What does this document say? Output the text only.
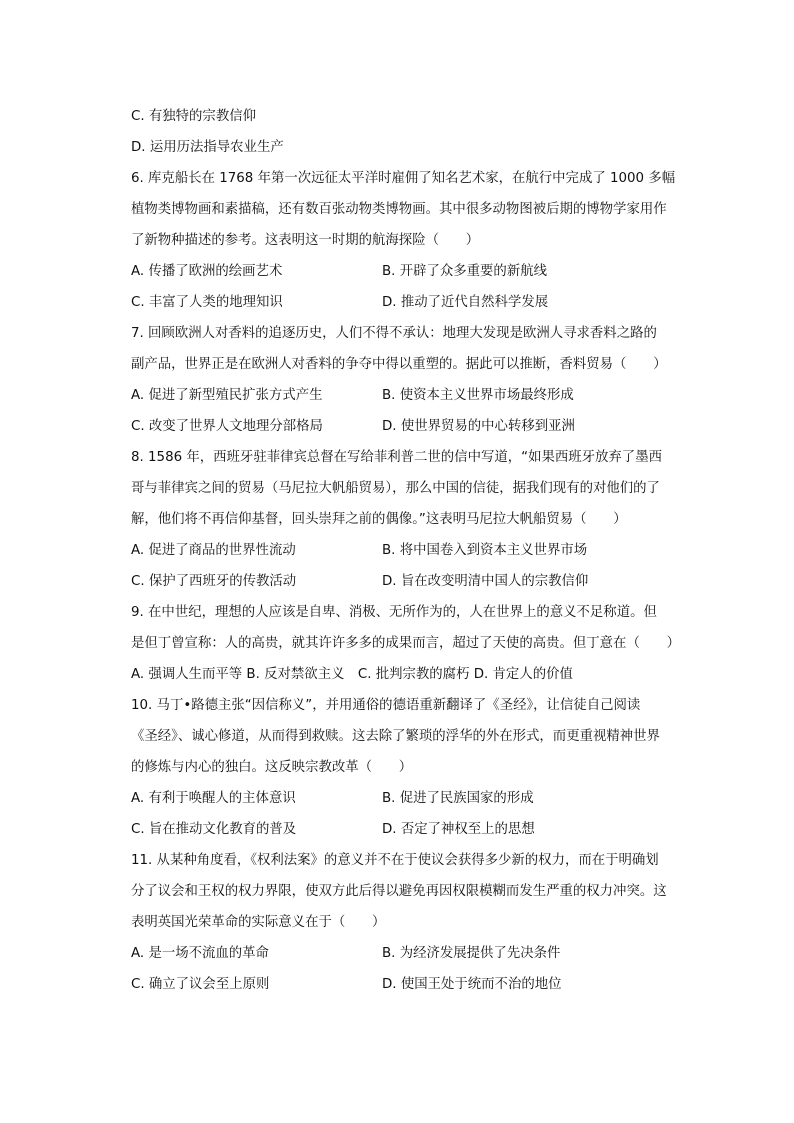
C. 有独特的宗教信仰
D. 运用历法指导农业生产
6. 库克船长在 1768 年第一次远征太平洋时雇佣了知名艺术家，在航行中完成了 1000 多幅
植物类博物画和素描稿，还有数百张动物类博物画。其中很多动物图被后期的博物学家用作
了新物种描述的参考。这表明这一时期的航海探险（　　）
A. 传播了欧洲的绘画艺术	B. 开辟了众多重要的新航线
C. 丰富了人类的地理知识	D. 推动了近代自然科学发展
7. 回顾欧洲人对香料的追逐历史，人们不得不承认：地理大发现是欧洲人寻求香料之路的
副产品，世界正是在欧洲人对香料的争夺中得以重塑的。据此可以推断，香料贸易（　　）
A. 促进了新型殖民扩张方式产生	B. 使资本主义世界市场最终形成
C. 改变了世界人文地理分部格局	D. 使世界贸易的中心转移到亚洲
8. 1586 年，西班牙驻菲律宾总督在写给菲利普二世的信中写道，“如果西班牙放弃了墨西
哥与菲律宾之间的贸易（马尼拉大帆船贸易），那么中国的信徒，据我们现有的对他们的了
解，他们将不再信仰基督，回头崇拜之前的偶像。”这表明马尼拉大帆船贸易（　　）
A. 促进了商品的世界性流动	B. 将中国卷入到资本主义世界市场
C. 保护了西班牙的传教活动	D. 旨在改变明清中国人的宗教信仰
9. 在中世纪，理想的人应该是自卑、消极、无所作为的，人在世界上的意义不足称道。但
是但丁曾宣称：人的高贵，就其许许多多的成果而言，超过了天使的高贵。但丁意在（　　）
A. 强调人生而平等 B. 反对禁欲主义　C. 批判宗教的腐朽 D. 肯定人的价值
10. 马丁•路德主张“因信称义”，并用通俗的德语重新翻译了《圣经》，让信徒自己阅读
《圣经》、诚心修道，从而得到救赎。这去除了繁琐的浮华的外在形式，而更重视精神世界
的修炼与内心的独白。这反映宗教改革（　　）
A. 有利于唤醒人的主体意识	B. 促进了民族国家的形成
C. 旨在推动文化教育的普及	D. 否定了神权至上的思想
11. 从某种角度看，《权利法案》的意义并不在于使议会获得多少新的权力，而在于明确划
分了议会和王权的权力界限，使双方此后得以避免再因权限模糊而发生严重的权力冲突。这
表明英国光荣革命的实际意义在于（　　）
A. 是一场不流血的革命	B. 为经济发展提供了先决条件
C. 确立了议会至上原则	D. 使国王处于统而不治的地位
